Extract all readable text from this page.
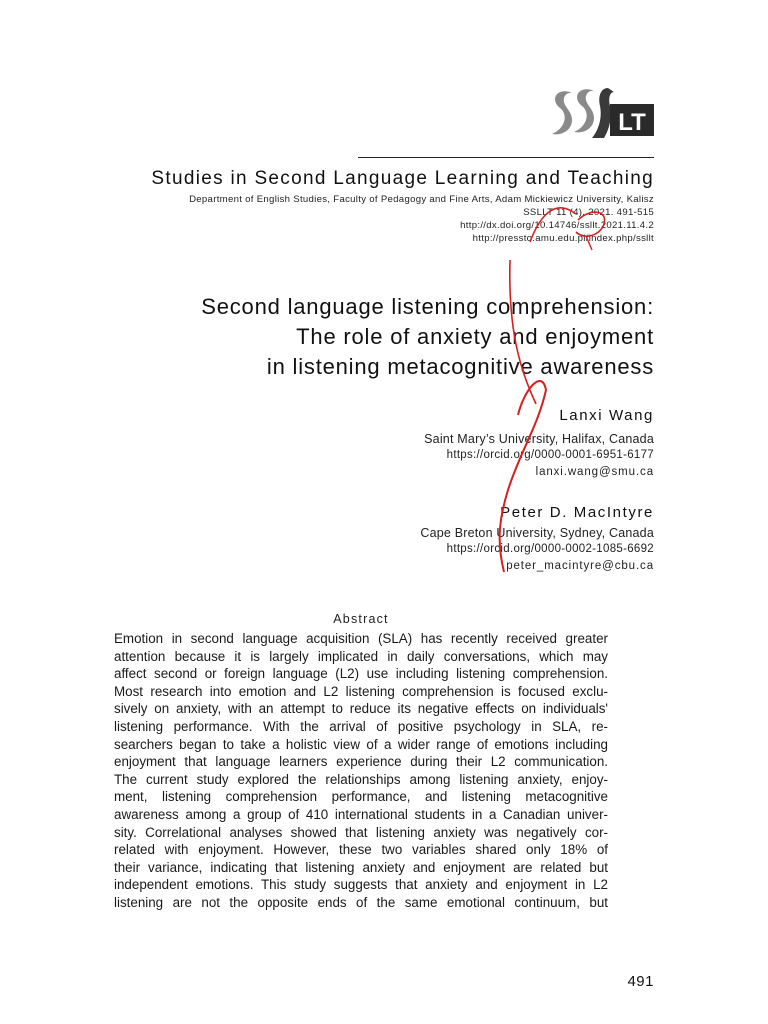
LT
Studies in Second Language Learning and Teaching
Department of English Studies, Faculty of Pedagogy and Fine Arts, Adam Mickiewicz University, Kalisz
SSLLT 11 (4). 2021. 491-515
http://dx.doi.org/10.14746/ssllt.2021.11.4.2
http://pressto.amu.edu.pl/index.php/ssllt
Second language listening comprehension:
The role of anxiety and enjoyment
in listening metacognitive awareness
Lanxi Wang
Saint Mary’s University, Halifax, Canada
https://orcid.org/0000-0001-6951-6177
lanxi.wang@smu.ca
Peter D. MacIntyre
Cape Breton University, Sydney, Canada
https://orcid.org/0000-0002-1085-6692
peter_macintyre@cbu.ca
Abstract
Emotion in second language acquisition (SLA) has recently received greater
attention because it is largely implicated in daily conversations, which may
affect second or foreign language (L2) use including listening comprehension.
Most research into emotion and L2 listening comprehension is focused exclu-
sively on anxiety, with an attempt to reduce its negative effects on individuals'
listening performance. With the arrival of positive psychology in SLA, re-
searchers began to take a holistic view of a wider range of emotions including
enjoyment that language learners experience during their L2 communication.
The current study explored the relationships among listening anxiety, enjoy-
ment, listening comprehension performance, and listening metacognitive
awareness among a group of 410 international students in a Canadian univer-
sity. Correlational analyses showed that listening anxiety was negatively cor-
related with enjoyment. However, these two variables shared only 18% of
their variance, indicating that listening anxiety and enjoyment are related but
independent emotions. This study suggests that anxiety and enjoyment in L2
listening are not the opposite ends of the same emotional continuum, but
491
